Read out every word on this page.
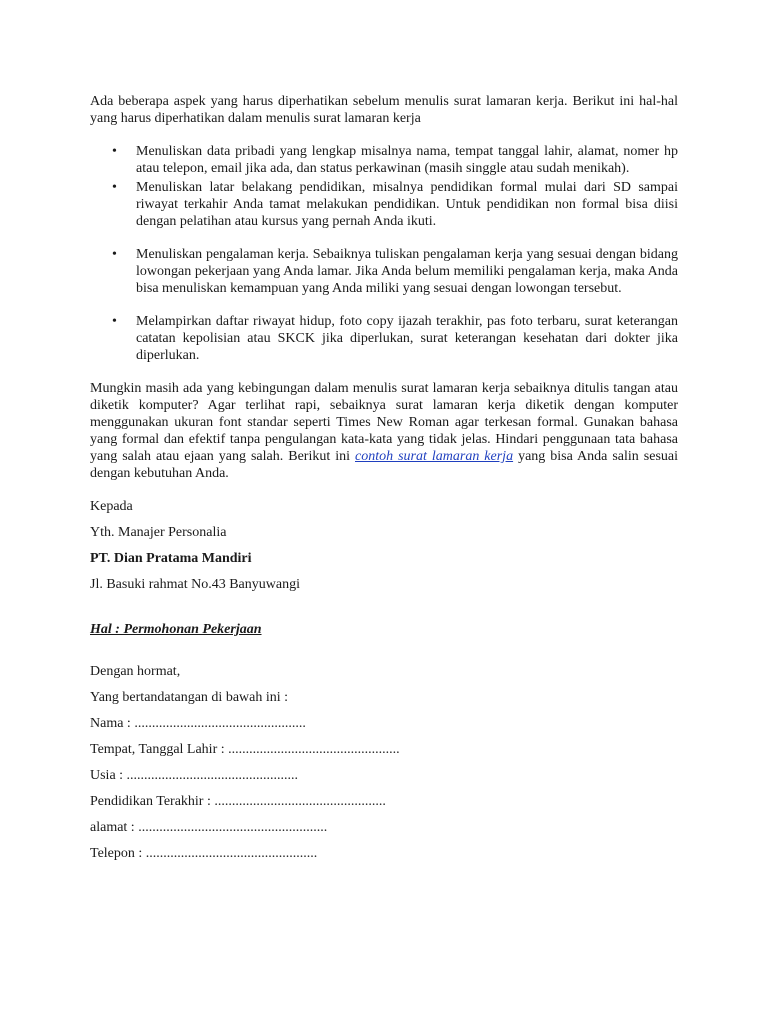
Ada beberapa aspek yang harus diperhatikan sebelum menulis surat lamaran kerja. Berikut ini hal-hal yang harus diperhatikan dalam menulis surat lamaran kerja

• Menuliskan data pribadi yang lengkap misalnya nama, tempat tanggal lahir, alamat, nomer hp atau telepon, email jika ada, dan status perkawinan (masih singgle atau sudah menikah).
• Menuliskan latar belakang pendidikan, misalnya pendidikan formal mulai dari SD sampai riwayat terkahir Anda tamat melakukan pendidikan. Untuk pendidikan non formal bisa diisi dengan pelatihan atau kursus yang pernah Anda ikuti.
• Menuliskan pengalaman kerja. Sebaiknya tuliskan pengalaman kerja yang sesuai dengan bidang lowongan pekerjaan yang Anda lamar. Jika Anda belum memiliki pengalaman kerja, maka Anda bisa menuliskan kemampuan yang Anda miliki yang sesuai dengan lowongan tersebut.
• Melampirkan daftar riwayat hidup, foto copy ijazah terakhir, pas foto terbaru, surat keterangan catatan kepolisian atau SKCK jika diperlukan, surat keterangan kesehatan dari dokter jika diperlukan.

Mungkin masih ada yang kebingungan dalam menulis surat lamaran kerja sebaiknya ditulis tangan atau diketik komputer? Agar terlihat rapi, sebaiknya surat lamaran kerja diketik dengan komputer menggunakan ukuran font standar seperti Times New Roman agar terkesan formal. Gunakan bahasa yang formal dan efektif tanpa pengulangan kata-kata yang tidak jelas. Hindari penggunaan tata bahasa yang salah atau ejaan yang salah. Berikut ini contoh surat lamaran kerja yang bisa Anda salin sesuai dengan kebutuhan Anda.

Kepada

Yth. Manajer Personalia

PT. Dian Pratama Mandiri

Jl. Basuki rahmat No.43 Banyuwangi

Hal : Permohonan Pekerjaan

Dengan hormat,

Yang bertandatangan di bawah ini :

Nama : .................................................

Tempat, Tanggal Lahir : .................................................

Usia : .................................................

Pendidikan Terakhir : .................................................

alamat : ......................................................

Telepon : .................................................
